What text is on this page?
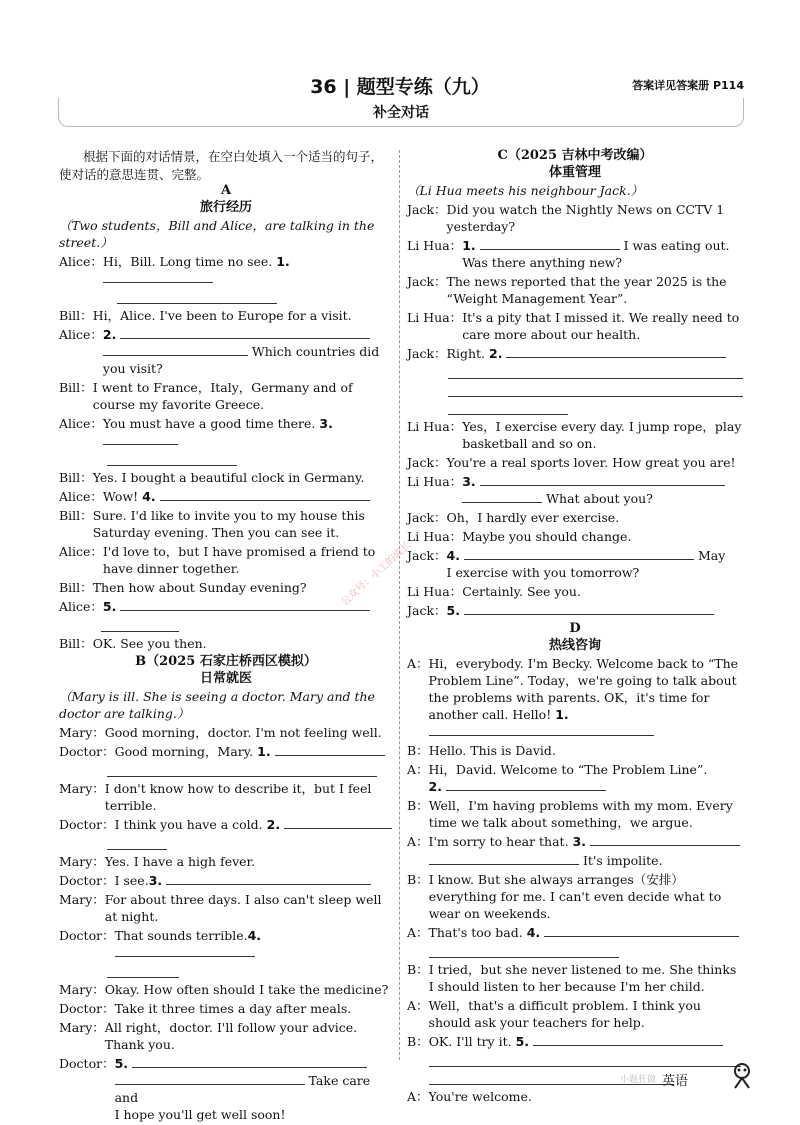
36 | 题型专练（九）	答案详见答案册 P114
补全对话
公众号：小工的成长
根据下面的对话情景，在空白处填入一个适当的句子，使对话的意思连贯、完整。
A
旅行经历
（Two students，Bill and Alice，are talking in the street.）
Alice： Hi，Bill. Long time no see. 1.
Bill： Hi，Alice. I've been to Europe for a visit.
Alice： 2.
Which countries did you visit?
Bill： I went to France，Italy，Germany and of course my favorite Greece.
Alice： You must have a good time there. 3.
Bill： Yes. I bought a beautiful clock in Germany.
Alice： Wow! 4.
Bill： Sure. I'd like to invite you to my house this Saturday evening. Then you can see it.
Alice： I'd love to，but I have promised a friend to have dinner together.
Bill： Then how about Sunday evening?
Alice： 5.
Bill： OK. See you then.
B（2025 石家庄桥西区模拟）
日常就医
（Mary is ill. She is seeing a doctor. Mary and the doctor are talking.）
Mary： Good morning，doctor. I'm not feeling well.
Doctor： Good morning，Mary. 1.
Mary： I don't know how to describe it，but I feel terrible.
Doctor： I think you have a cold. 2.
Mary： Yes. I have a high fever.
Doctor： I see.3.
Mary： For about three days. I also can't sleep well at night.
Doctor： That sounds terrible.4.
Mary： Okay. How often should I take the medicine?
Doctor： Take it three times a day after meals.
Mary： All right，doctor. I'll follow your advice. Thank you.
Doctor： 5.
Take care and
I hope you'll get well soon!
C（2025 吉林中考改编）
体重管理
（Li Hua meets his neighbour Jack.）
Jack： Did you watch the Nightly News on CCTV 1 yesterday?
Li Hua： 1.	I was eating out. Was there anything new?
Jack： The news reported that the year 2025 is the “Weight Management Year”.
Li Hua： It's a pity that I missed it. We really need to care more about our health.
Jack： Right. 2.
Li Hua： Yes，I exercise every day. I jump rope，play basketball and so on.
Jack： You're a real sports lover. How great you are!
Li Hua： 3.
What about you?
Jack： Oh，I hardly ever exercise.
Li Hua： Maybe you should change.
Jack： 4.	May
I exercise with you tomorrow?
Li Hua： Certainly. See you.
Jack： 5.
D
热线咨询
A： Hi，everybody. I'm Becky. Welcome back to “The Problem Line”. Today，we're going to talk about the problems with parents. OK，it's time for another call. Hello! 1.
B： Hello. This is David.
A： Hi，David. Welcome to “The Problem Line”.
2.
B： Well，I'm having problems with my mom. Every time we talk about something，we argue.
A： I'm sorry to hear that. 3.
It's impolite.
B： I know. But she always arranges（安排）everything for me. I can't even decide what to wear on weekends.
A： That's too bad. 4.
B： I tried，but she never listened to me. She thinks I should listen to her because I'm her child.
A： Well，that's a difficult problem. I think you should ask your teachers for help.
B： OK. I'll try it. 5.
A： You're welcome.
小题狂做 英语
